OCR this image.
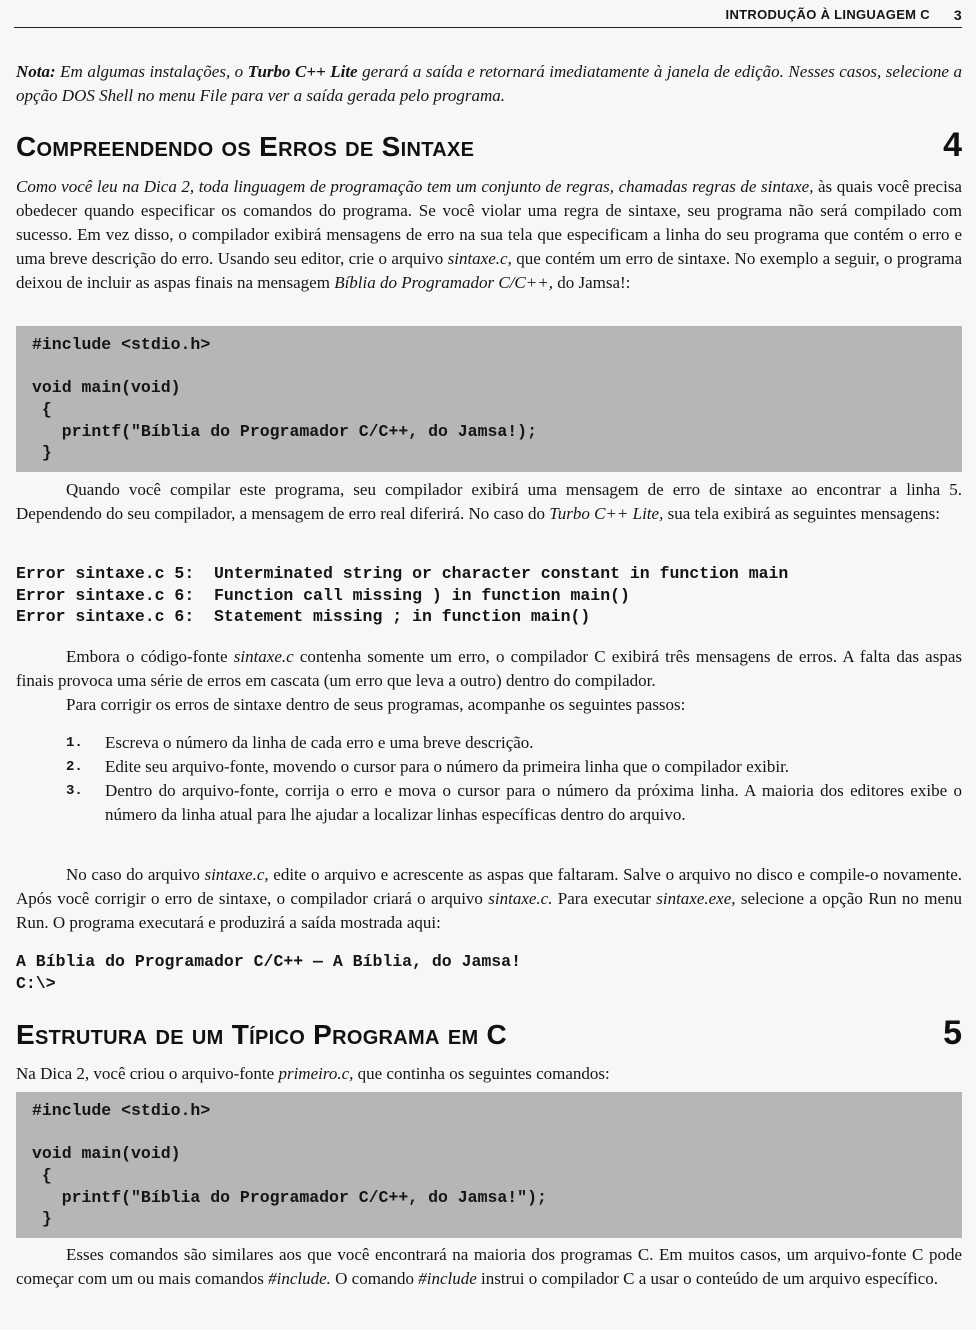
INTRODUÇÃO À LINGUAGEM C 3

Nota: Em algumas instalações, o Turbo C++ Lite gerará a saída e retornará imediatamente à janela de edição. Nesses casos, selecione a opção DOS Shell no menu File para ver a saída gerada pelo programa.

Compreendendo os Erros de Sintaxe	4

Como você leu na Dica 2, toda linguagem de programação tem um conjunto de regras, chamadas regras de sintaxe, às quais você precisa obedecer quando especificar os comandos do programa. Se você violar uma regra de sintaxe, seu programa não será compilado com sucesso. Em vez disso, o compilador exibirá mensagens de erro na sua tela que especificam a linha do seu programa que contém o erro e uma breve descrição do erro. Usando seu editor, crie o arquivo sintaxe.c, que contém um erro de sintaxe. No exemplo a seguir, o programa deixou de incluir as aspas finais na mensagem Bíblia do Programador C/C++, do Jamsa!:

#include <stdio.h>
void main(void)
{
printf("Bíblia do Programador C/C++, do Jamsa!);
}

Quando você compilar este programa, seu compilador exibirá uma mensagem de erro de sintaxe ao encontrar a linha 5. Dependendo do seu compilador, a mensagem de erro real diferirá. No caso do Turbo C++ Lite, sua tela exibirá as seguintes mensagens:

Error sintaxe.c 5:  Unterminated string or character constant in function main
Error sintaxe.c 6:  Function call missing ) in function main()
Error sintaxe.c 6:  Statement missing ; in function main()

Embora o código-fonte sintaxe.c contenha somente um erro, o compilador C exibirá três mensagens de erros. A falta das aspas finais provoca uma série de erros em cascata (um erro que leva a outro) dentro do compilador.

Para corrigir os erros de sintaxe dentro de seus programas, acompanhe os seguintes passos:

1.	Escreva o número da linha de cada erro e uma breve descrição.
2.	Edite seu arquivo-fonte, movendo o cursor para o número da primeira linha que o compilador exibir.
3.	Dentro do arquivo-fonte, corrija o erro e mova o cursor para o número da próxima linha. A maioria dos editores exibe o número da linha atual para lhe ajudar a localizar linhas específicas dentro do arquivo.

No caso do arquivo sintaxe.c, edite o arquivo e acrescente as aspas que faltaram. Salve o arquivo no disco e compile-o novamente. Após você corrigir o erro de sintaxe, o compilador criará o arquivo sintaxe.c. Para executar sintaxe.exe, selecione a opção Run no menu Run. O programa executará e produzirá a saída mostrada aqui:

A Bíblia do Programador C/C++ — A Bíblia, do Jamsa!
C:\>
Estrutura de um Típico Programa em C	5

Na Dica 2, você criou o arquivo-fonte primeiro.c, que continha os seguintes comandos:

#include <stdio.h>
void main(void)
{
printf("Bíblia do Programador C/C++, do Jamsa!");
}

Esses comandos são similares aos que você encontrará na maioria dos programas C. Em muitos casos, um arquivo-fonte C pode começar com um ou mais comandos #include. O comando #include instrui o compilador C a usar o conteúdo de um arquivo específico.
